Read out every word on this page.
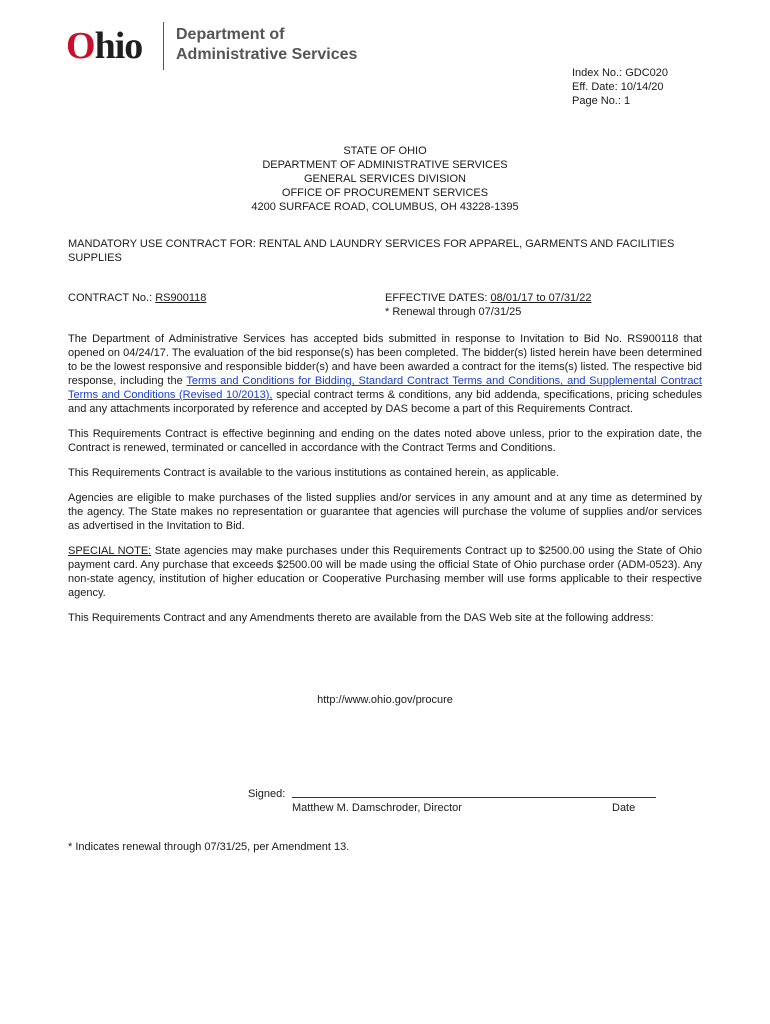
Ohio Department of
Administrative Services
Index No.: GDC020
Eff. Date: 10/14/20
Page No.: 1
STATE OF OHIO
DEPARTMENT OF ADMINISTRATIVE SERVICES
GENERAL SERVICES DIVISION
OFFICE OF PROCUREMENT SERVICES
4200 SURFACE ROAD, COLUMBUS, OH 43228-1395
MANDATORY USE CONTRACT FOR: RENTAL AND LAUNDRY SERVICES FOR APPAREL, GARMENTS AND FACILITIES SUPPLIES
CONTRACT No.: RS900118	EFFECTIVE DATES: 08/01/17 to 07/31/22
* Renewal through 07/31/25

The Department of Administrative Services has accepted bids submitted in response to Invitation to Bid No. RS900118 that opened on 04/24/17. The evaluation of the bid response(s) has been completed. The bidder(s) listed herein have been determined to be the lowest responsive and responsible bidder(s) and have been awarded a contract for the items(s) listed. The respective bid response, including the Terms and Conditions for Bidding, Standard Contract Terms and Conditions, and Supplemental Contract Terms and Conditions (Revised 10/2013), special contract terms & conditions, any bid addenda, specifications, pricing schedules and any attachments incorporated by reference and accepted by DAS become a part of this Requirements Contract.

This Requirements Contract is effective beginning and ending on the dates noted above unless, prior to the expiration date, the Contract is renewed, terminated or cancelled in accordance with the Contract Terms and Conditions.

This Requirements Contract is available to the various institutions as contained herein, as applicable.

Agencies are eligible to make purchases of the listed supplies and/or services in any amount and at any time as determined by the agency. The State makes no representation or guarantee that agencies will purchase the volume of supplies and/or services as advertised in the Invitation to Bid.

SPECIAL NOTE: State agencies may make purchases under this Requirements Contract up to $2500.00 using the State of Ohio payment card. Any purchase that exceeds $2500.00 will be made using the official State of Ohio purchase order (ADM-0523). Any non-state agency, institution of higher education or Cooperative Purchasing member will use forms applicable to their respective agency.

This Requirements Contract and any Amendments thereto are available from the DAS Web site at the following address:

http://www.ohio.gov/procure
Signed:
Matthew M. Damschroder, Director	Date
* Indicates renewal through 07/31/25, per Amendment 13.
